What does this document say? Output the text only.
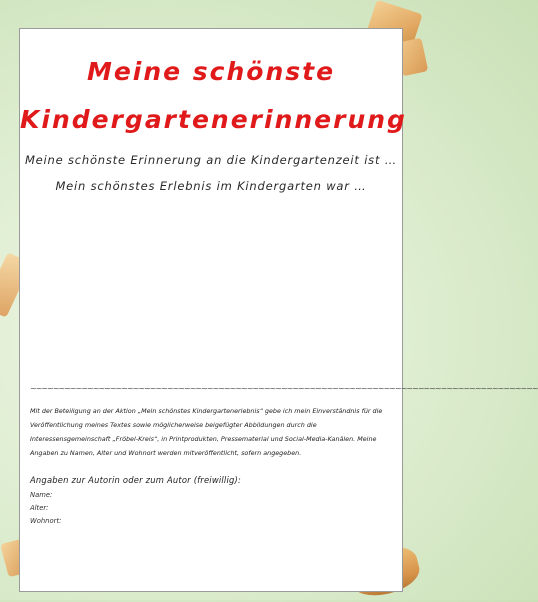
Meine schönste
Kindergartenerinnerung

Meine schönste Erinnerung an die Kindergartenzeit ist …

Mein schönstes Erlebnis im Kindergarten war …

~~~~~~~~~~~~~~~~~~~~~~~~~~~~~~~~~~~~~~~~~~~~~~~~~~~~~~~~~~~~~~~~~~~~~~~~~~~~~~~~~~~~~~~~~

Mit der Beteiligung an der Aktion „Mein schönstes Kindergartenerlebnis“ gebe ich mein Einverständnis für die Veröffentlichung meines Textes sowie möglicherweise beigefügter Abbildungen durch die Interessensgemeinschaft „Fröbel-Kreis“, in Printprodukten, Pressematerial und Social-Media-Kanälen. Meine Angaben zu Namen, Alter und Wohnort werden mitveröffentlicht, sofern angegeben.

Angaben zur Autorin oder zum Autor (freiwillig):

Name:

Alter:

Wohnort:
